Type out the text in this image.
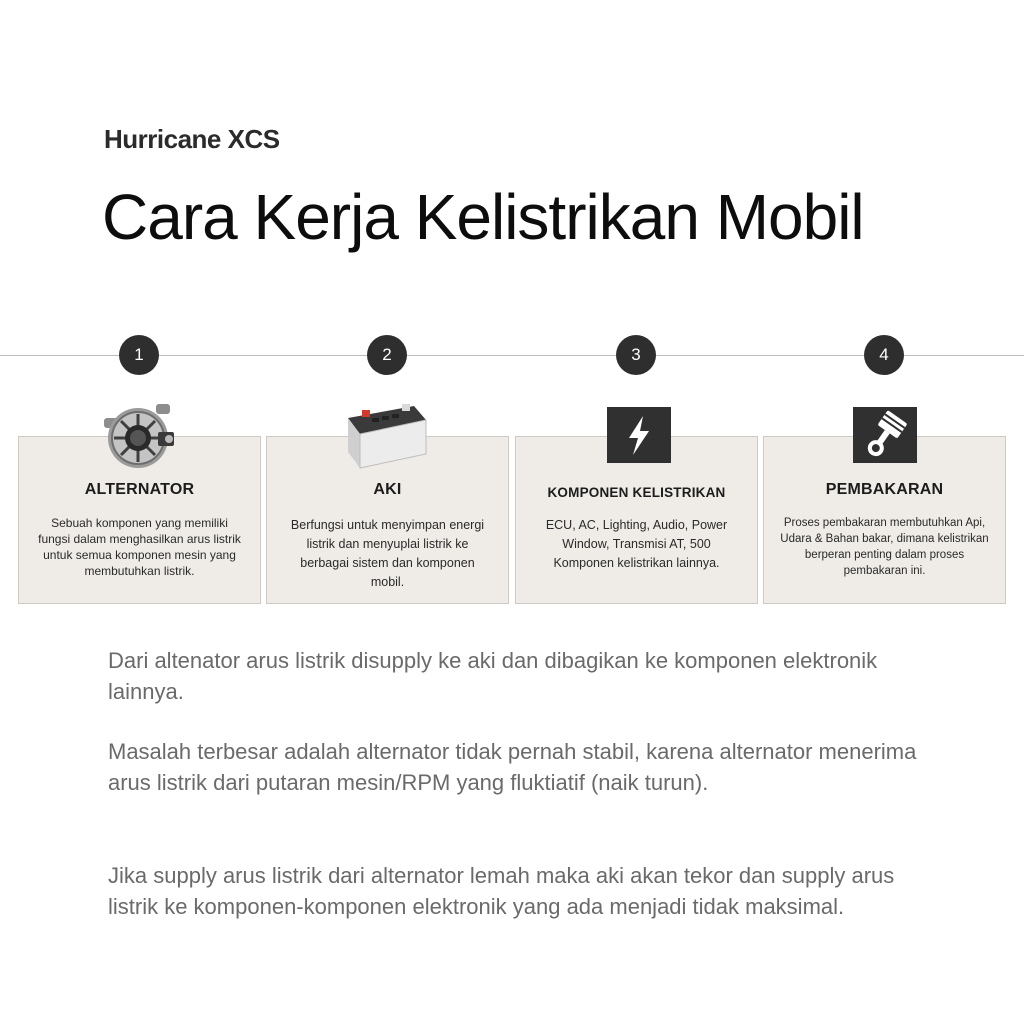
Hurricane XCS
Cara Kerja Kelistrikan Mobil
1	2	3	4
ALTERNATOR
Sebuah komponen yang memiliki fungsi dalam menghasilkan arus listrik untuk semua komponen mesin yang membutuhkan listrik.
AKI
Berfungsi untuk menyimpan energi listrik dan menyuplai listrik ke berbagai sistem dan komponen mobil.
KOMPONEN KELISTRIKAN
ECU, AC, Lighting, Audio, Power Window, Transmisi AT, 500 Komponen kelistrikan lainnya.
PEMBAKARAN
Proses pembakaran membutuhkan Api, Udara & Bahan bakar, dimana kelistrikan berperan penting dalam proses pembakaran ini.
Dari altenator arus listrik disupply ke aki dan dibagikan ke komponen elektronik lainnya.
Masalah terbesar adalah alternator tidak pernah stabil, karena alternator menerima arus listrik dari putaran mesin/RPM yang fluktiatif (naik turun).
Jika supply arus listrik dari alternator lemah maka aki akan tekor dan supply arus listrik ke komponen-komponen elektronik yang ada menjadi tidak maksimal.
